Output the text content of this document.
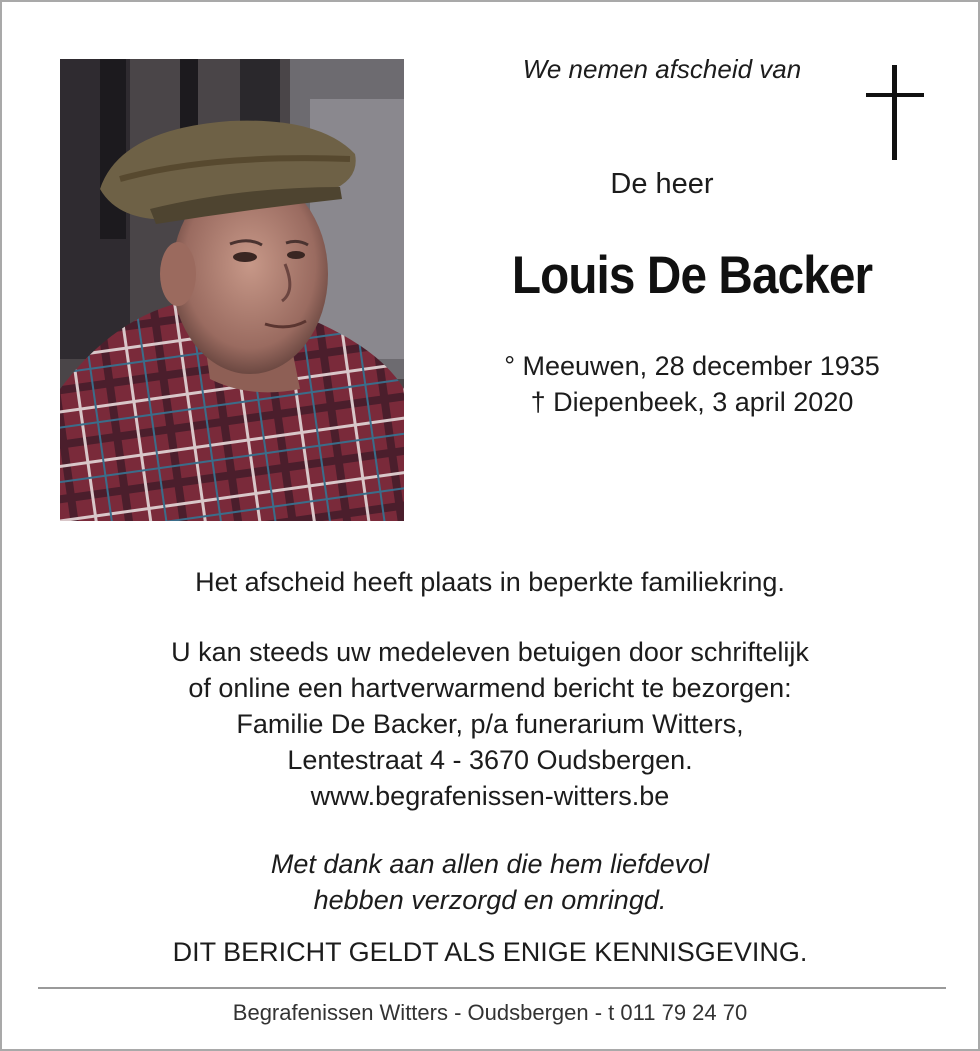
We nemen afscheid van
De heer
Louis De Backer
° Meeuwen, 28 december 1935
† Diepenbeek, 3 april 2020
Het afscheid heeft plaats in beperkte familiekring.
U kan steeds uw medeleven betuigen door schriftelijk
of online een hartverwarmend bericht te bezorgen:
Familie De Backer, p/a funerarium Witters,
Lentestraat 4 - 3670 Oudsbergen.
www.begrafenissen-witters.be
Met dank aan allen die hem liefdevol
hebben verzorgd en omringd.
DIT BERICHT GELDT ALS ENIGE KENNISGEVING.
Begrafenissen Witters - Oudsbergen - t 011 79 24 70
